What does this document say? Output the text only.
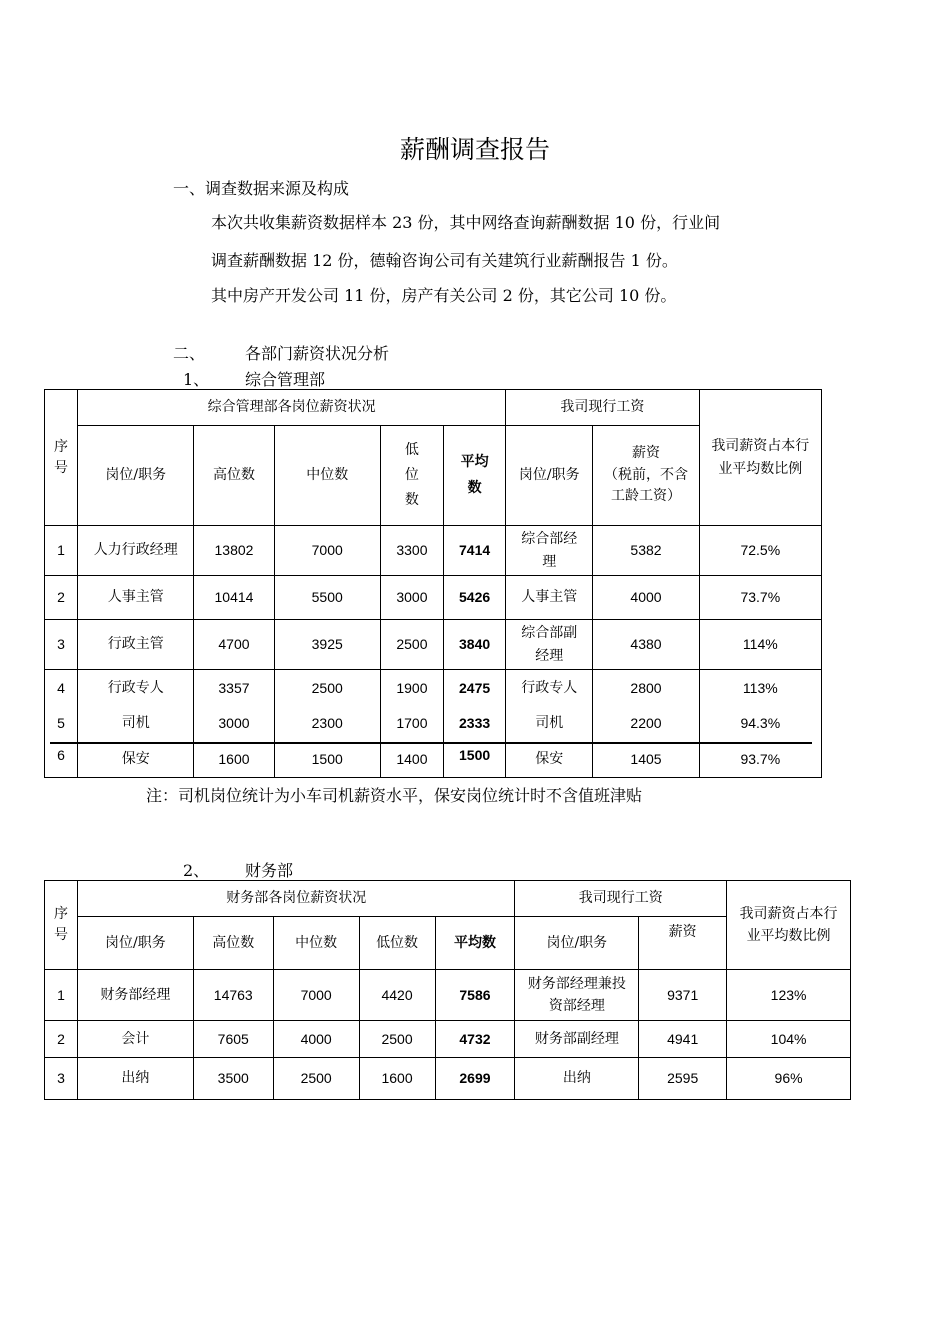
薪酬调查报告
一、调查数据来源及构成
本次共收集薪资数据样本 23 份，其中网络查询薪酬数据 10 份，行业间
调查薪酬数据 12 份，德翰咨询公司有关建筑行业薪酬报告 1 份。
其中房产开发公司 11 份，房产有关公司 2 份，其它公司 10 份。
二、 各部门薪资状况分析
1、 综合管理部
序号	综合管理部各岗位薪资状况					我司现行工资		我司薪资占本行业平均数比例
	岗位/职务	高位数	中位数	低位数	平均数	岗位/职务	薪资
（税前，不含
工龄工资）	

1	人力行政经理	13802	7000	3300	7414	综合部经理	5382	72.5%
2	人事主管	10414	5500	3000	5426	人事主管	4000	73.7%
3	行政主管	4700	3925	2500	3840	综合部副经理	4380	114%
4	行政专人	3357	2500	1900	2475	行政专人	2800	113%
5	司机	3000	2300	1700	2333	司机	2200	94.3%
6	保安	1600	1500	1400	1500	保安	1405	93.7%
注：司机岗位统计为小车司机薪资水平，保安岗位统计时不含值班津贴
2、 财务部
序号	财务部各岗位薪资状况					我司现行工资		我司薪资占本行业平均数比例
	岗位/职务	高位数	中位数	低位数	平均数	岗位/职务	薪资	
1	财务部经理	14763	7000	4420	7586	财务部经理兼投资部经理	9371	123%
2	会计	7605	4000	2500	4732	财务部副经理	4941	104%
3	出纳	3500	2500	1600	2699	出纳	2595	96%
